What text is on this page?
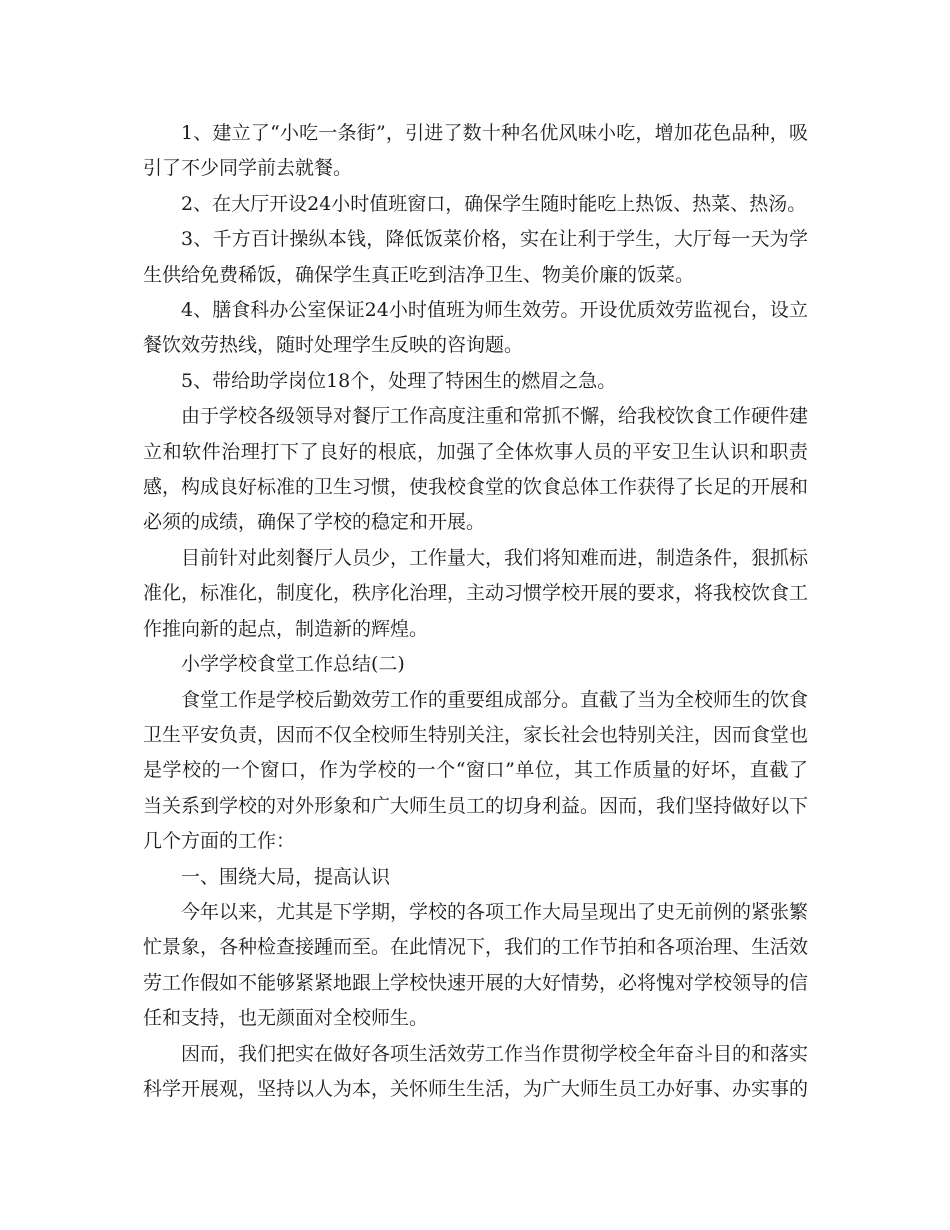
1、建立了“小吃一条街”，引进了数十种名优风味小吃，增加花色品种，吸引了不少同学前去就餐。

2、在大厅开设24小时值班窗口，确保学生随时能吃上热饭、热菜、热汤。

3、千方百计操纵本钱，降低饭菜价格，实在让利于学生，大厅每一天为学生供给免费稀饭，确保学生真正吃到洁净卫生、物美价廉的饭菜。

4、膳食科办公室保证24小时值班为师生效劳。开设优质效劳监视台，设立餐饮效劳热线，随时处理学生反映的咨询题。

5、带给助学岗位18个，处理了特困生的燃眉之急。

由于学校各级领导对餐厅工作高度注重和常抓不懈，给我校饮食工作硬件建立和软件治理打下了良好的根底，加强了全体炊事人员的平安卫生认识和职责感，构成良好标准的卫生习惯，使我校食堂的饮食总体工作获得了长足的开展和必须的成绩，确保了学校的稳定和开展。

目前针对此刻餐厅人员少，工作量大，我们将知难而进，制造条件，狠抓标准化，标准化，制度化，秩序化治理，主动习惯学校开展的要求，将我校饮食工作推向新的起点，制造新的辉煌。

小学学校食堂工作总结(二)

食堂工作是学校后勤效劳工作的重要组成部分。直截了当为全校师生的饮食卫生平安负责，因而不仅全校师生特别关注，家长社会也特别关注，因而食堂也是学校的一个窗口，作为学校的一个“窗口”单位，其工作质量的好坏，直截了当关系到学校的对外形象和广大师生员工的切身利益。因而，我们坚持做好以下几个方面的工作：

一、围绕大局，提高认识

今年以来，尤其是下学期，学校的各项工作大局呈现出了史无前例的紧张繁忙景象，各种检查接踵而至。在此情况下，我们的工作节拍和各项治理、生活效劳工作假如不能够紧紧地跟上学校快速开展的大好情势，必将愧对学校领导的信任和支持，也无颜面对全校师生。

因而，我们把实在做好各项生活效劳工作当作贯彻学校全年奋斗目的和落实科学开展观，坚持以人为本，关怀师生生活，为广大师生员工办好事、办实事的
